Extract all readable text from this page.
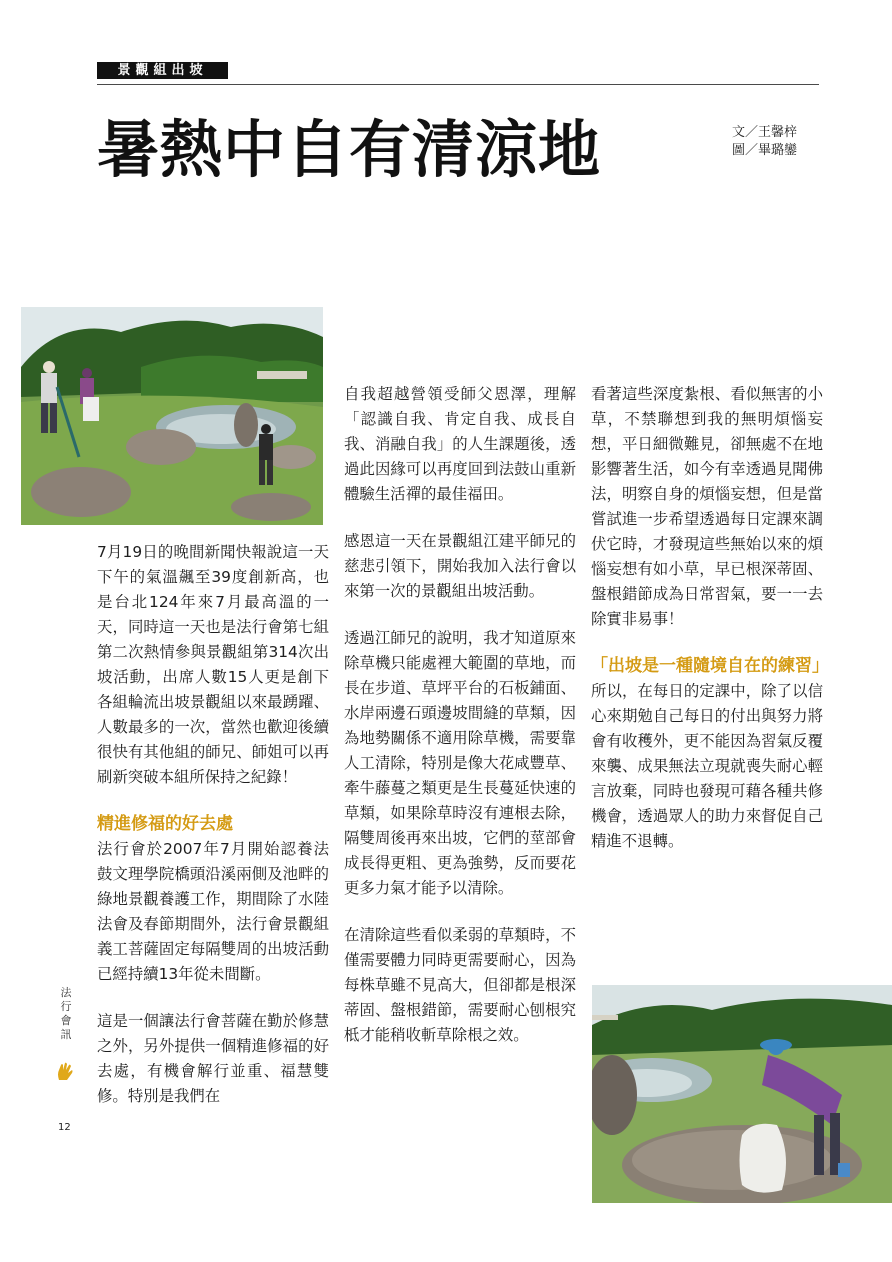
景觀組出坡
暑熱中自有清涼地	文／王馨梓
圖／畢璐鑾

7月19日的晚間新聞快報說這一天下午的氣溫飆至39度創新高，也是台北124年來7月最高溫的一天，同時這一天也是法行會第七組第二次熱情參與景觀組第314次出坡活動，出席人數15人更是創下各組輪流出坡景觀組以來最踴躍、人數最多的一次，當然也歡迎後續很快有其他組的師兄、師姐可以再刷新突破本組所保持之紀錄！

精進修福的好去處

法行會於2007年7月開始認養法鼓文理學院橋頭沿溪兩側及池畔的綠地景觀養護工作，期間除了水陸法會及春節期間外，法行會景觀組義工菩薩固定每隔雙周的出坡活動已經持續13年從未間斷。

這是一個讓法行會菩薩在勤於修慧之外，另外提供一個精進修福的好去處，有機會解行並重、福慧雙修。特別是我們在

自我超越營領受師父恩澤，理解「認識自我、肯定自我、成長自我、消融自我」的人生課題後，透過此因緣可以再度回到法鼓山重新體驗生活禪的最佳福田。

感恩這一天在景觀組江建平師兄的慈悲引領下，開始我加入法行會以來第一次的景觀組出坡活動。

透過江師兄的說明，我才知道原來除草機只能處裡大範圍的草地，而長在步道、草坪平台的石板鋪面、水岸兩邊石頭邊坡間縫的草類，因為地勢關係不適用除草機，需要靠人工清除，特別是像大花咸豐草、牽牛藤蔓之類更是生長蔓延快速的草類，如果除草時沒有連根去除，隔雙周後再來出坡，它們的莖部會成長得更粗、更為強勢，反而要花更多力氣才能予以清除。

在清除這些看似柔弱的草類時，不僅需要體力同時更需要耐心，因為每株草雖不見高大，但卻都是根深蒂固、盤根錯節，需要耐心刨根究柢才能稍收斬草除根之效。

看著這些深度紮根、看似無害的小草，不禁聯想到我的無明煩惱妄想，平日細微難見，卻無處不在地影響著生活，如今有幸透過見聞佛法，明察自身的煩惱妄想，但是當嘗試進一步希望透過每日定課來調伏它時，才發現這些無始以來的煩惱妄想有如小草，早已根深蒂固、盤根錯節成為日常習氣，要一一去除實非易事！

「出坡是一種隨境自在的練習」

所以，在每日的定課中，除了以信心來期勉自己每日的付出與努力將會有收穫外，更不能因為習氣反覆來襲、成果無法立現就喪失耐心輕言放棄，同時也發現可藉各種共修機會，透過眾人的助力來督促自己精進不退轉。

法
行
會
訊
12
